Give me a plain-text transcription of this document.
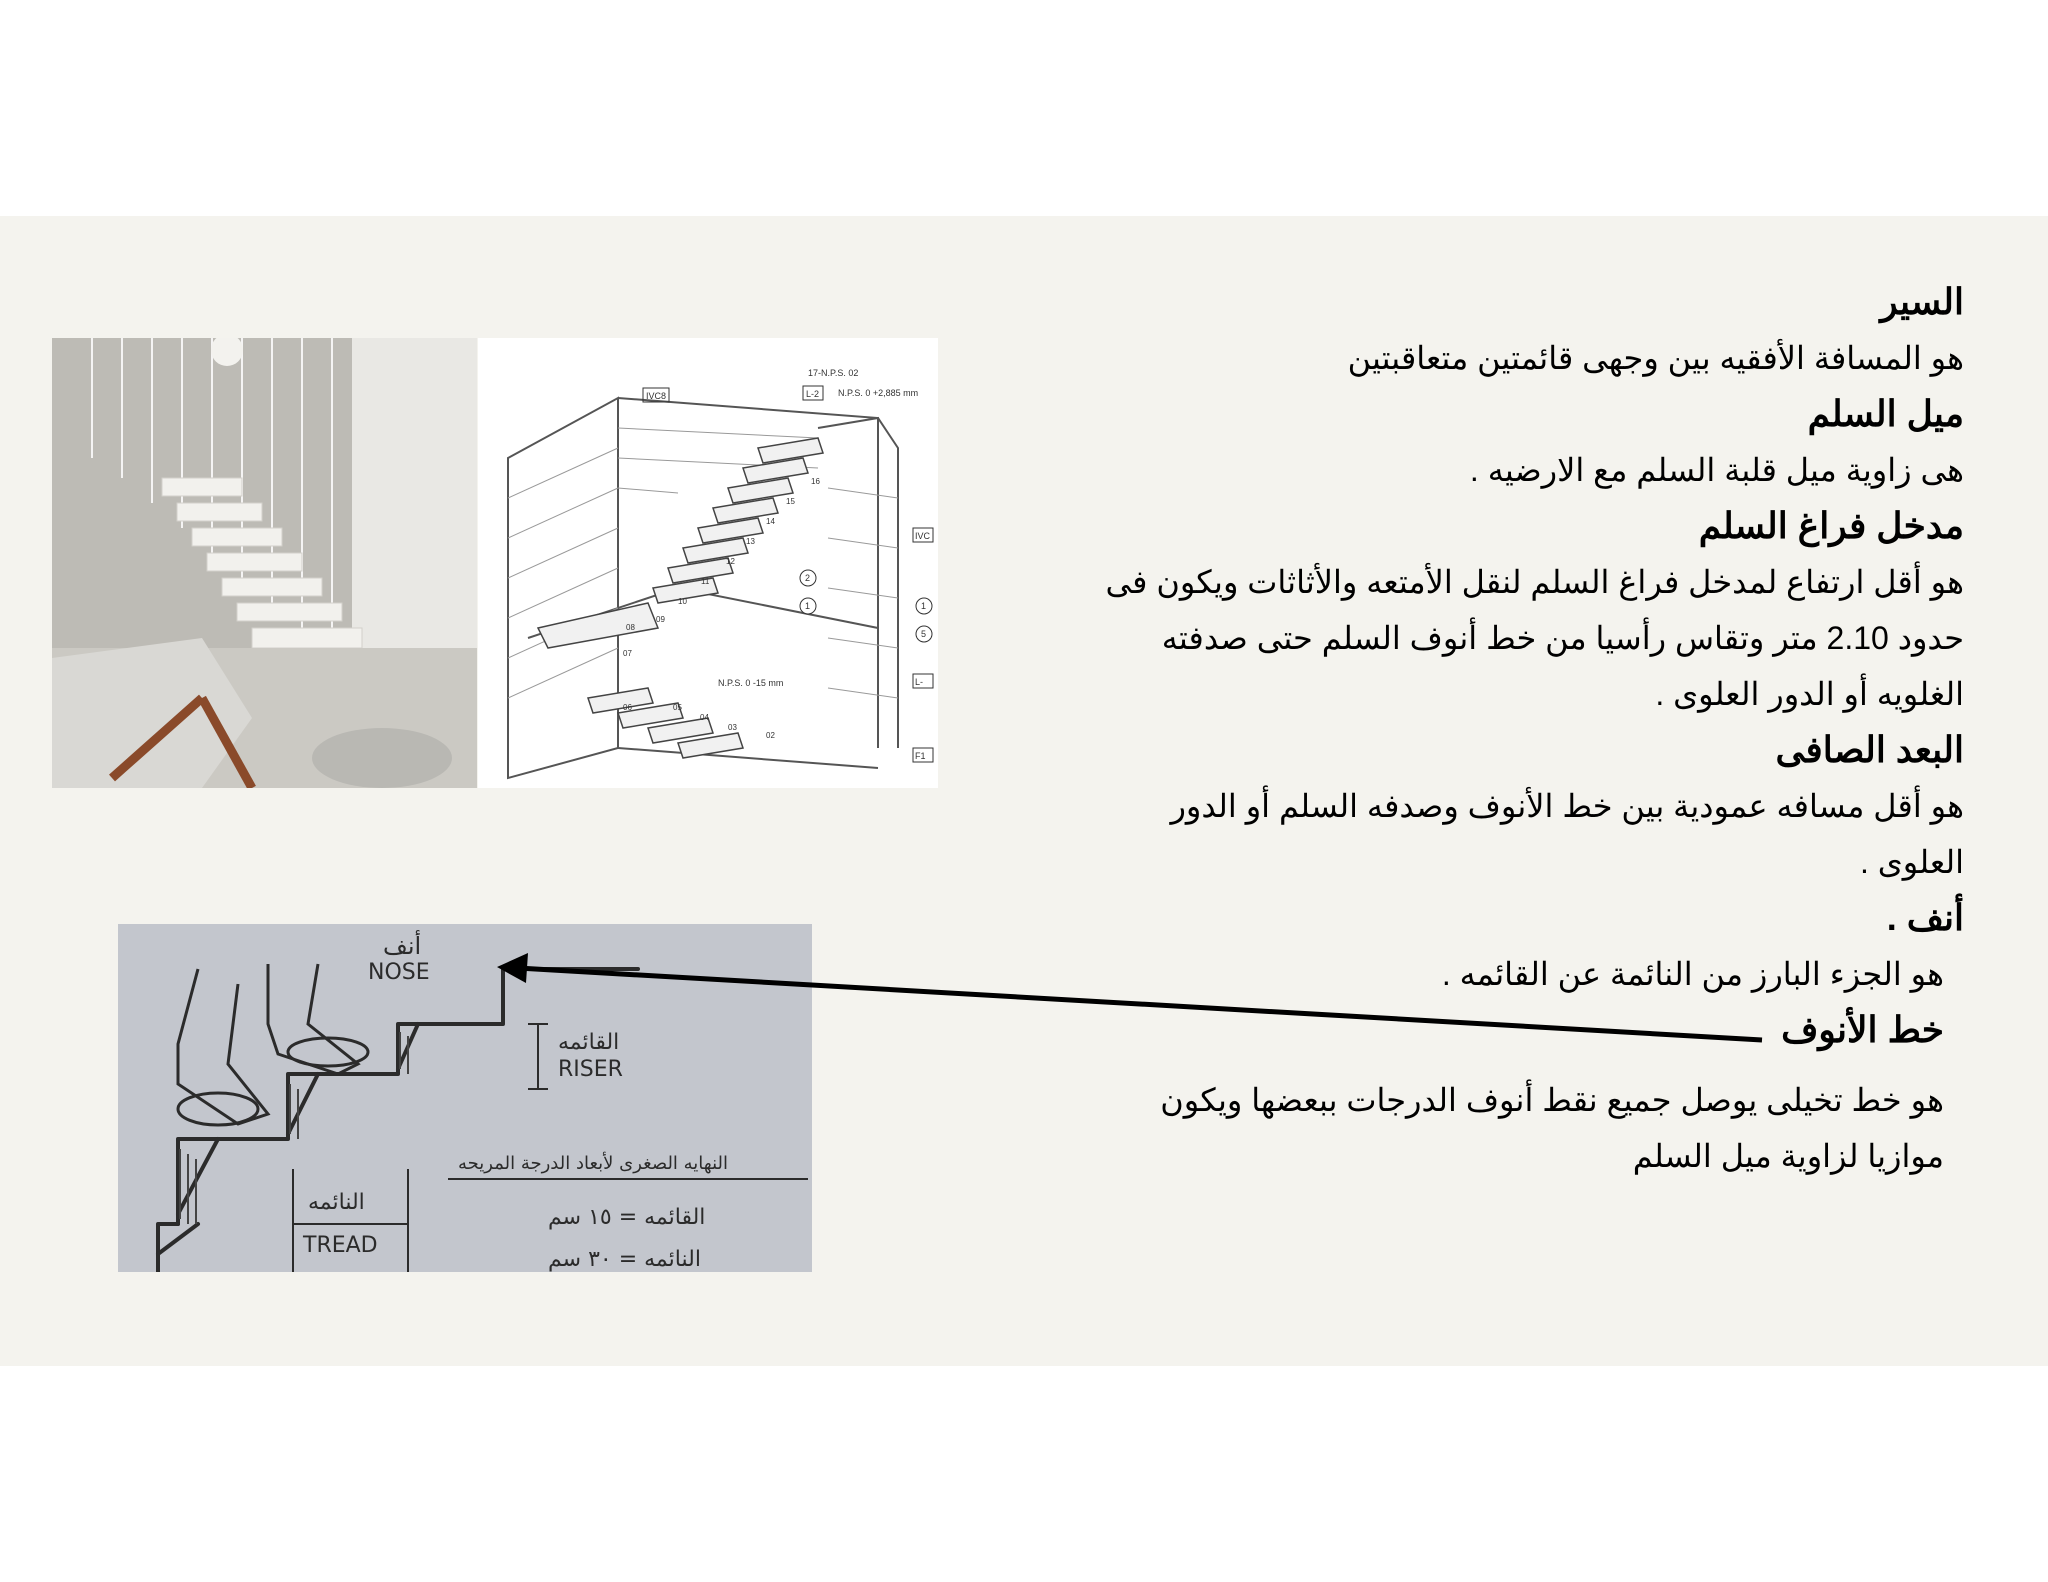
السير
هو المسافة الأفقيه بين وجهى قائمتين متعاقبتين
ميل السلم
هى زاوية ميل قلبة السلم مع الارضيه .
مدخل فراغ السلم
هو أقل ارتفاع لمدخل فراغ السلم لنقل الأمتعه والأثاثات ويكون فى
حدود 2.10 متر وتقاس رأسيا من خط أنوف السلم حتى صدفته
الغلويه أو الدور العلوى .
البعد الصافى
هو أقل مسافه عمودية بين خط الأنوف وصدفه السلم أو الدور
العلوى .
أنف .
هو الجزء البارز من النائمة عن القائمه .
خط الأنوف
هو خط تخيلى يوصل جميع نقط أنوف الدرجات ببعضها ويكون
موازيا لزاوية ميل السلم
17-N.P.S. 02
N.P.S. 0 +2,885 mm
N.P.S. 0 -15 mm
IVC8	L-2
IVC
L-
F1
16
15
14
13
12
11
10
09
08
07
06	05
04
03
02
2
1	1
5
أنف
NOSE
القائمه
RISER
النائمه
TREAD
النهايه الصغرى لأبعاد الدرجة المريحه
القائمه = ١٥ سم
النائمه = ٣٠ سم
